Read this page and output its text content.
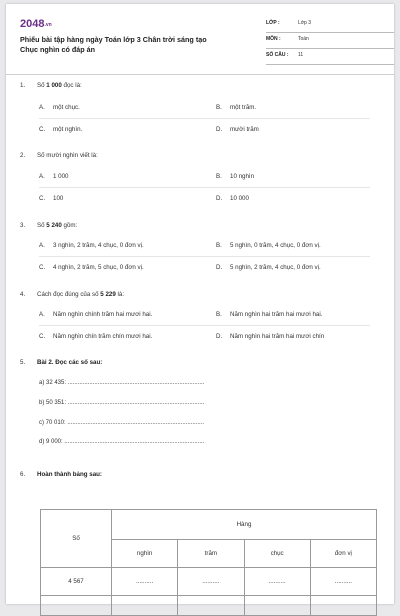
2048.vn
Phiếu bài tập hàng ngày Toán lớp 3 Chân trời sáng tạo
Chục nghìn có đáp án
LỚP :	Lớp 3
MÔN :	Toán
SỐ CÂU : 11
1. Số 1 000 đọc là:
A. một chục.	B. một trăm.
C. một nghìn.	D. mười trăm
2. Số mười nghìn viết là:
A. 1 000	B. 10 nghìn
C. 100	D. 10 000
3. Số 5 240 gồm:
A. 3 nghìn, 2 trăm, 4 chục, 0 đơn vị.	B. 5 nghìn, 0 trăm, 4 chục, 0 đơn vị.
C. 4 nghìn, 2 trăm, 5 chục, 0 đơn vị.	D. 5 nghìn, 2 trăm, 4 chục, 0 đơn vị.
4. Cách đọc đúng của số 5 229 là:
A. Năm nghìn chính trăm hai mươi hai.	B. Năm nghìn hai trăm hai mươi hai.
C. Năm nghìn chín trăm chín mươi hai.	D. Năm nghìn hai trăm hai mươi chín
5. Bài 2. Đọc các số sau:
a) 32 435: ..................................................................................
b) 50 351: ..................................................................................
c) 70 010: ..................................................................................
d) 9 000: ....................................................................................
6. Hoàn thành bảng sau:
Số	Hàng			
	nghìn	trăm	chục	đơn vị
4 567	..........	..........	..........	..........
